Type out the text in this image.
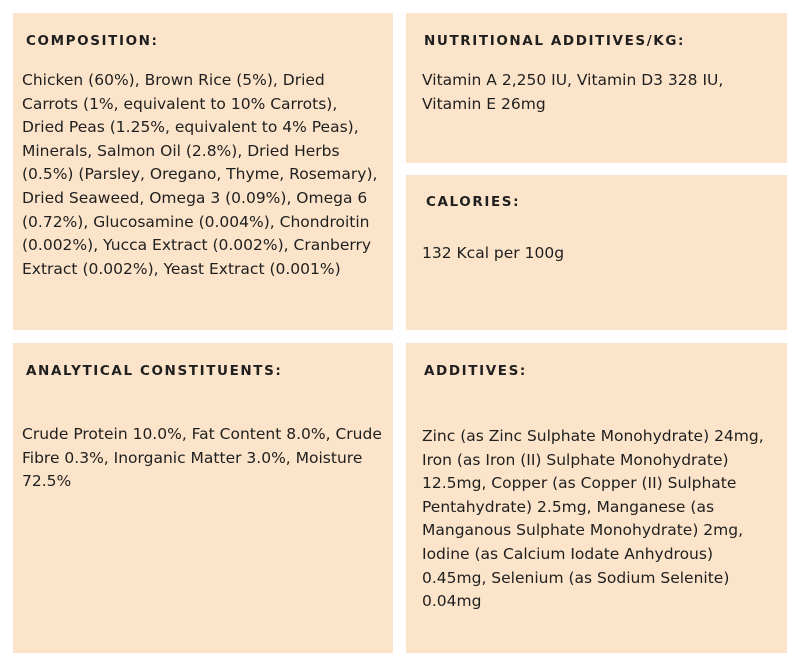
COMPOSITION:

Chicken (60%), Brown Rice (5%), Dried Carrots (1%, equivalent to 10% Carrots), Dried Peas (1.25%, equivalent to 4% Peas), Minerals, Salmon Oil (2.8%), Dried Herbs (0.5%) (Parsley, Oregano, Thyme, Rosemary), Dried Seaweed, Omega 3 (0.09%), Omega 6 (0.72%), Glucosamine (0.004%), Chondroitin (0.002%), Yucca Extract (0.002%), Cranberry Extract (0.002%), Yeast Extract (0.001%)

NUTRITIONAL ADDITIVES/KG:

Vitamin A 2,250 IU, Vitamin D3 328 IU, Vitamin E 26mg

CALORIES:

132 Kcal per 100g

ANALYTICAL CONSTITUENTS:

Crude Protein 10.0%, Fat Content 8.0%, Crude Fibre 0.3%, Inorganic Matter 3.0%, Moisture 72.5%

ADDITIVES:

Zinc (as Zinc Sulphate Monohydrate) 24mg, Iron (as Iron (II) Sulphate Monohydrate) 12.5mg, Copper (as Copper (II) Sulphate Pentahydrate) 2.5mg, Manganese (as Manganous Sulphate Monohydrate) 2mg, Iodine (as Calcium Iodate Anhydrous) 0.45mg, Selenium (as Sodium Selenite) 0.04mg
